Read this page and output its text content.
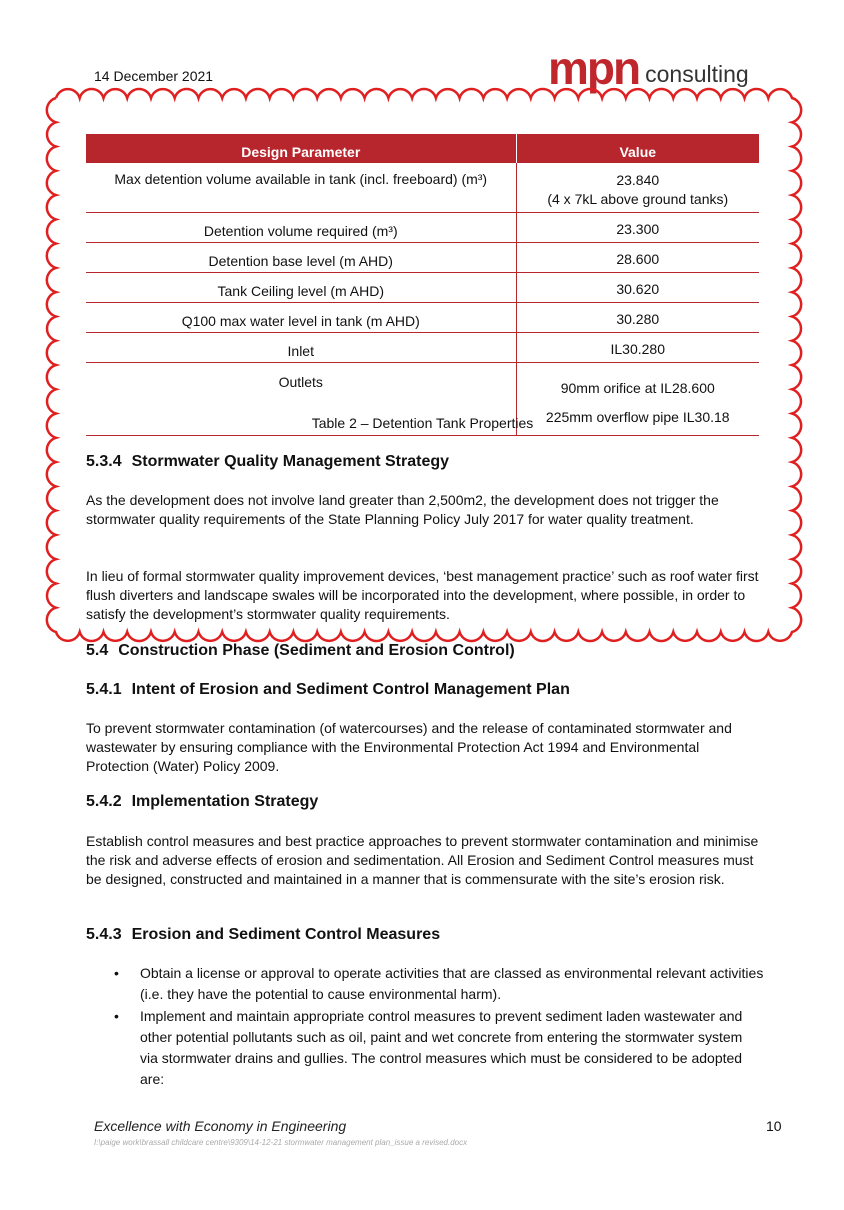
14 December 2021	mpn consulting
Design Parameter	Value
Max detention volume available in tank (incl. freeboard) (m³)	23.840
(4 x 7kL above ground tanks)

Detention volume required (m³)	23.300

Detention base level (m AHD)	28.600

Tank Ceiling level (m AHD)	30.620

Q100 max water level in tank (m AHD)	30.280

Inlet	IL30.280

Outlets	90mm orifice at IL28.600
225mm overflow pipe IL30.18
Table 2 – Detention Tank Properties
5.3.4 Stormwater Quality Management Strategy

As the development does not involve land greater than 2,500m2, the development does not trigger the stormwater quality requirements of the State Planning Policy July 2017 for water quality treatment.

In lieu of formal stormwater quality improvement devices, ‘best management practice’ such as roof water first flush diverters and landscape swales will be incorporated into the development, where possible, in order to satisfy the development’s stormwater quality requirements.

5.4 Construction Phase (Sediment and Erosion Control)
5.4.1 Intent of Erosion and Sediment Control Management Plan

To prevent stormwater contamination (of watercourses) and the release of contaminated stormwater and wastewater by ensuring compliance with the Environmental Protection Act 1994 and Environmental Protection (Water) Policy 2009.

5.4.2 Implementation Strategy

Establish control measures and best practice approaches to prevent stormwater contamination and minimise the risk and adverse effects of erosion and sedimentation. All Erosion and Sediment Control measures must be designed, constructed and maintained in a manner that is commensurate with the site’s erosion risk.

5.4.3 Erosion and Sediment Control Measures
• Obtain a license or approval to operate activities that are classed as environmental relevant activities (i.e. they have the potential to cause environmental harm).
• Implement and maintain appropriate control measures to prevent sediment laden wastewater and other potential pollutants such as oil, paint and wet concrete from entering the stormwater system via stormwater drains and gullies. The control measures which must be considered to be adopted are:
Excellence with Economy in Engineering
I:\paige work\brassall childcare centre\9309\14-12-21 stormwater management plan_issue a revised.docx
10
